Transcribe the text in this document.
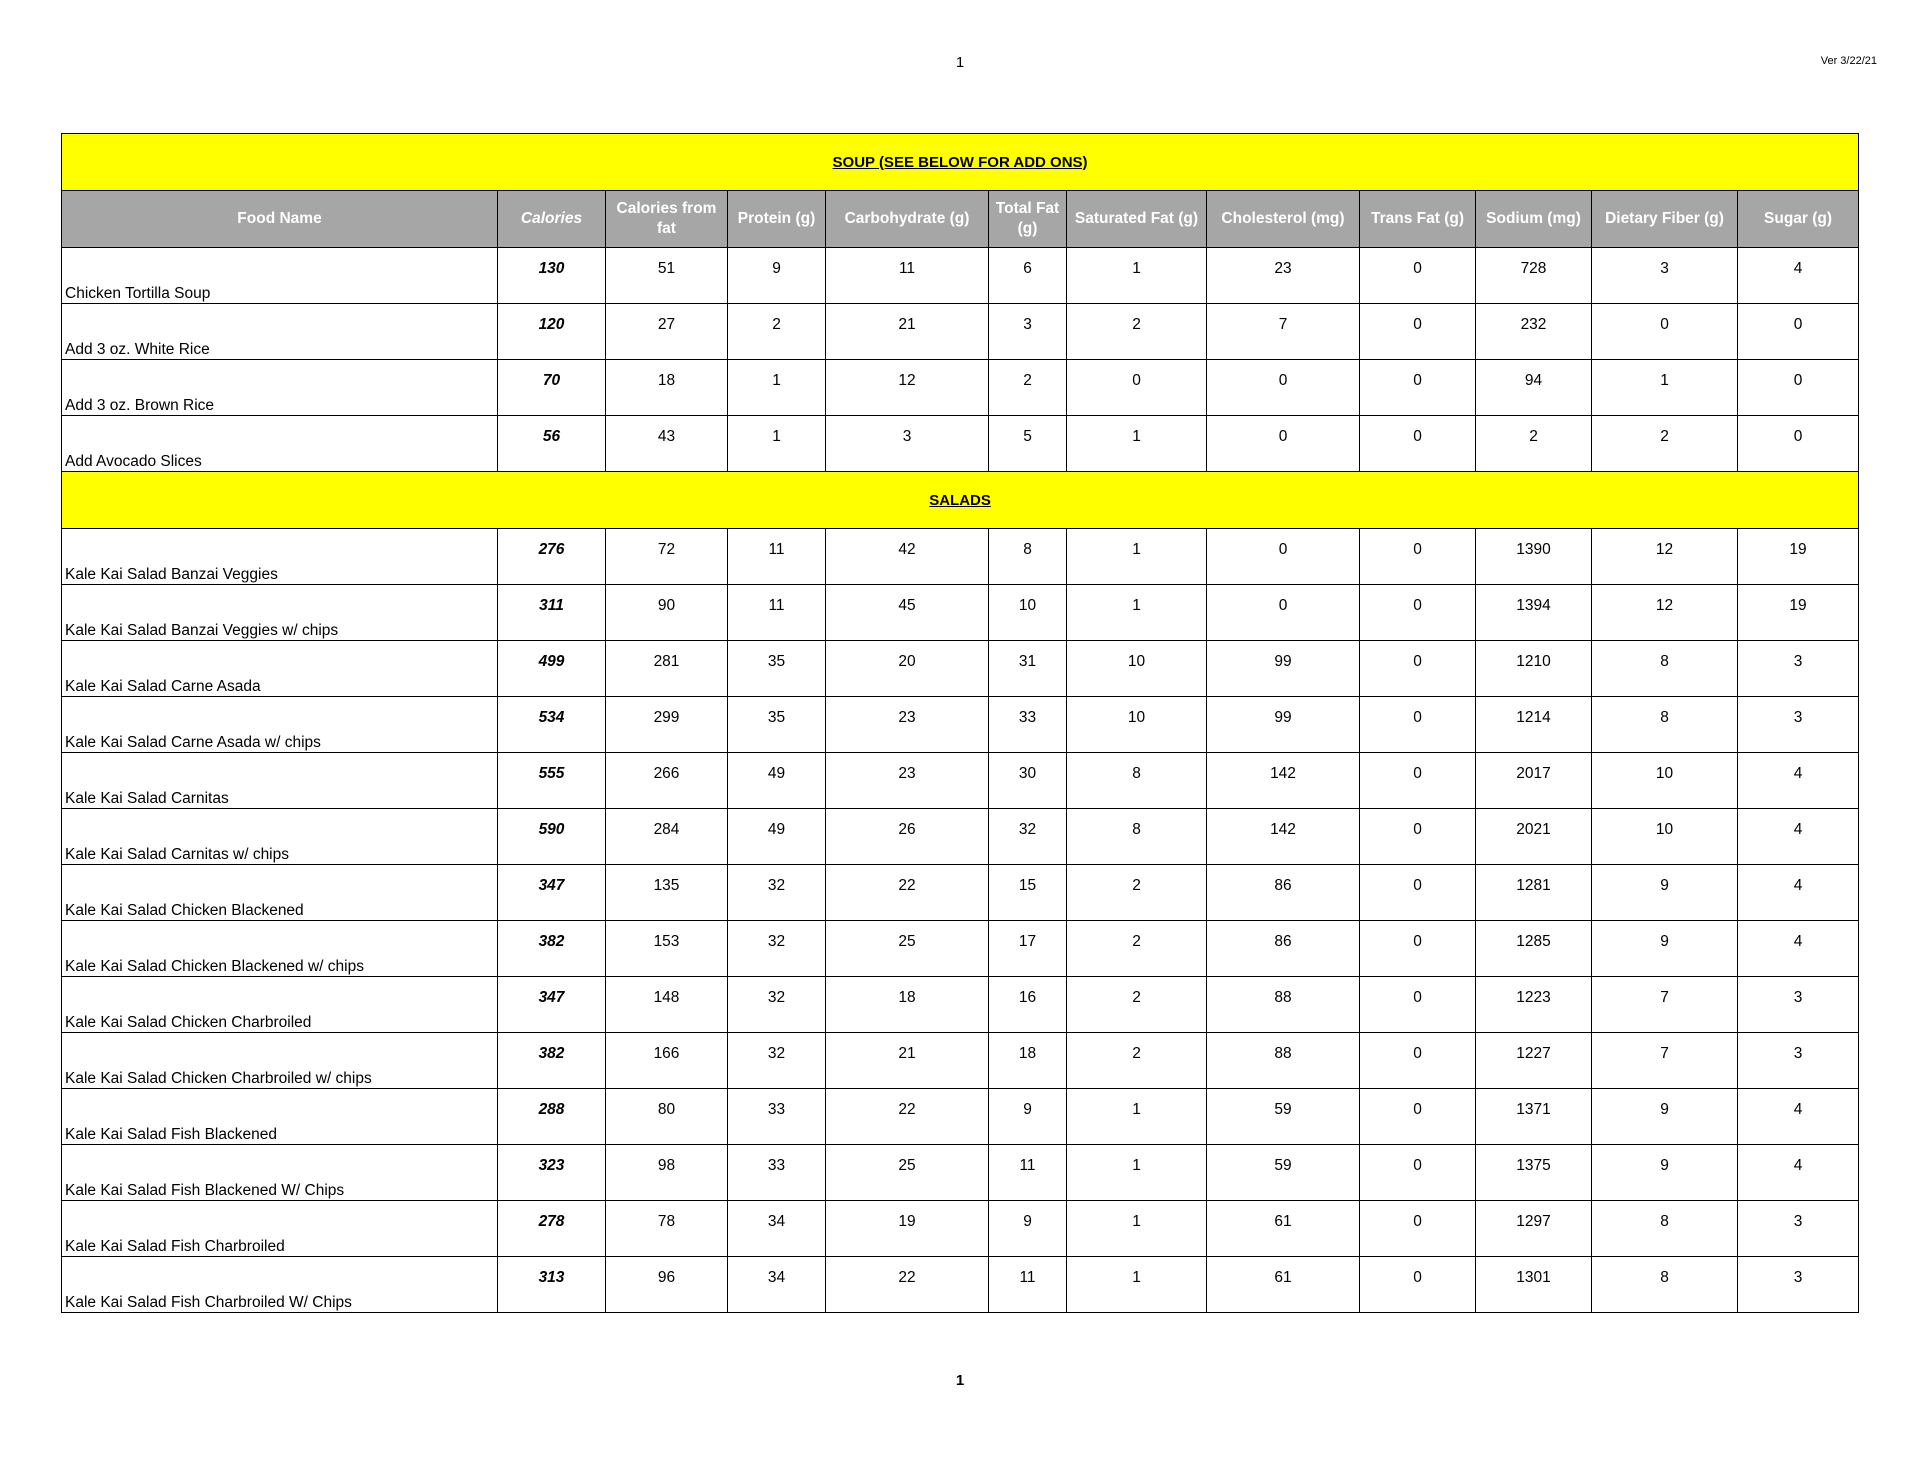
1	Ver 3/22/21
SOUP (SEE BELOW FOR ADD ONS)											
Food Name	Calories	Calories from fat	Protein (g)	Carbohydrate (g)	Total Fat (g)	Saturated Fat (g)	Cholesterol (mg)	Trans Fat (g)	Sodium (mg)	Dietary Fiber (g)	Sugar (g)
Chicken Tortilla Soup	130	51	9	11	6	1	23	0	728	3	4
Add 3 oz. White Rice	120	27	2	21	3	2	7	0	232	0	0
Add 3 oz. Brown Rice	70	18	1	12	2	0	0	0	94	1	0
Add Avocado Slices	56	43	1	3	5	1	0	0	2	2	0
SALADS											
Kale Kai Salad Banzai Veggies	276	72	11	42	8	1	0	0	1390	12	19
Kale Kai Salad Banzai Veggies w/ chips	311	90	11	45	10	1	0	0	1394	12	19
Kale Kai Salad Carne Asada	499	281	35	20	31	10	99	0	1210	8	3
Kale Kai Salad Carne Asada w/ chips	534	299	35	23	33	10	99	0	1214	8	3
Kale Kai Salad Carnitas	555	266	49	23	30	8	142	0	2017	10	4
Kale Kai Salad Carnitas w/ chips	590	284	49	26	32	8	142	0	2021	10	4
Kale Kai Salad Chicken Blackened	347	135	32	22	15	2	86	0	1281	9	4
Kale Kai Salad Chicken Blackened w/ chips	382	153	32	25	17	2	86	0	1285	9	4
Kale Kai Salad Chicken Charbroiled	347	148	32	18	16	2	88	0	1223	7	3
Kale Kai Salad Chicken Charbroiled w/ chips	382	166	32	21	18	2	88	0	1227	7	3
Kale Kai Salad Fish Blackened	288	80	33	22	9	1	59	0	1371	9	4
Kale Kai Salad Fish Blackened W/ Chips	323	98	33	25	11	1	59	0	1375	9	4
Kale Kai Salad Fish Charbroiled	278	78	34	19	9	1	61	0	1297	8	3
Kale Kai Salad Fish Charbroiled W/ Chips	313	96	34	22	11	1	61	0	1301	8	3
1
